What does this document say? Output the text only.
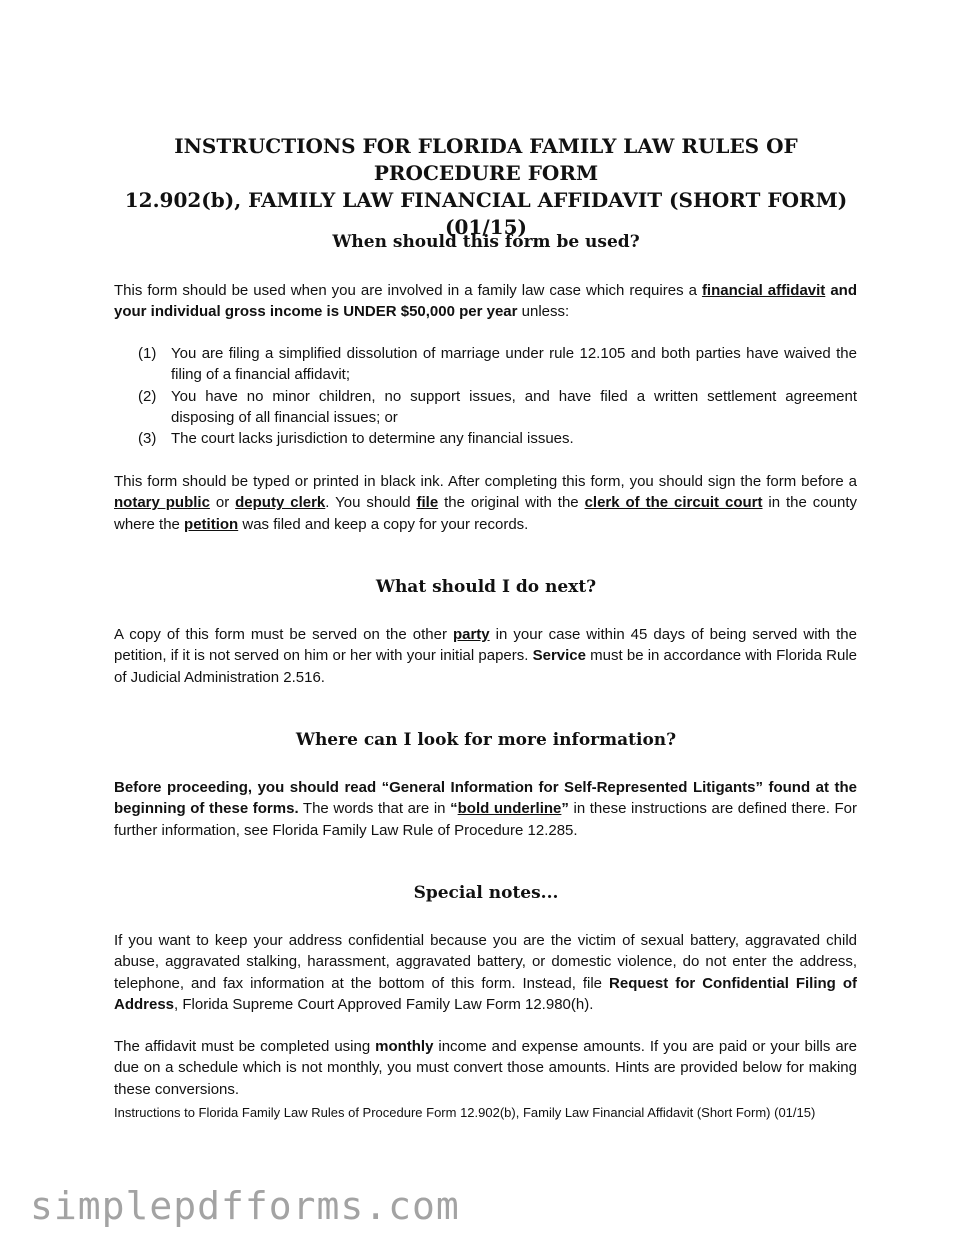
INSTRUCTIONS FOR FLORIDA FAMILY LAW RULES OF PROCEDURE FORM
12.902(b), FAMILY LAW FINANCIAL AFFIDAVIT (SHORT FORM) (01/15)
When should this form be used?
This form should be used when you are involved in a family law case which requires a financial affidavit and your individual gross income is UNDER $50,000 per year unless:
(1) You are filing a simplified dissolution of marriage under rule 12.105 and both parties have waived the filing of a financial affidavit;
(2) You have no minor children, no support issues, and have filed a written settlement agreement disposing of all financial issues; or
(3) The court lacks jurisdiction to determine any financial issues.
This form should be typed or printed in black ink. After completing this form, you should sign the form before a notary public or deputy clerk. You should file the original with the clerk of the circuit court in the county where the petition was filed and keep a copy for your records.
What should I do next?
A copy of this form must be served on the other party in your case within 45 days of being served with the petition, if it is not served on him or her with your initial papers. Service must be in accordance with Florida Rule of Judicial Administration 2.516.
Where can I look for more information?
Before proceeding, you should read “General Information for Self-Represented Litigants” found at the beginning of these forms. The words that are in “bold underline” in these instructions are defined there. For further information, see Florida Family Law Rule of Procedure 12.285.
Special notes...
If you want to keep your address confidential because you are the victim of sexual battery, aggravated child abuse, aggravated stalking, harassment, aggravated battery, or domestic violence, do not enter the address, telephone, and fax information at the bottom of this form. Instead, file Request for Confidential Filing of Address, Florida Supreme Court Approved Family Law Form 12.980(h).
The affidavit must be completed using monthly income and expense amounts. If you are paid or your bills are due on a schedule which is not monthly, you must convert those amounts. Hints are provided below for making these conversions.
Instructions to Florida Family Law Rules of Procedure Form 12.902(b), Family Law Financial Affidavit (Short Form) (01/15)
simplepdfforms.com
